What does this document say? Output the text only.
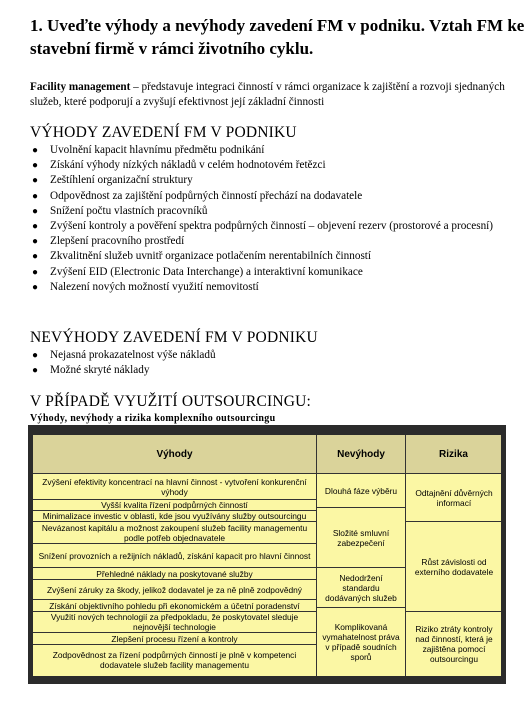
1. Uveďte výhody a nevýhody zavedení FM v podniku. Vztah FM ke stavební firmě v rámci životního cyklu.
Facility management – představuje integraci činností v rámci organizace k zajištění a rozvoji sjednaných služeb, které podporují a zvyšují efektivnost její základní činnosti
VÝHODY ZAVEDENÍ FM V PODNIKU
● Uvolnění kapacit hlavnímu předmětu podnikání
● Získání výhody nízkých nákladů v celém hodnotovém řetězci
● Zeštíhlení organizační struktury
● Odpovědnost za zajištění podpůrných činností přechází na dodavatele
● Snížení počtu vlastních pracovníků
● Zvýšení kontroly a pověření spektra podpůrných činností – objevení rezerv (prostorové a procesní)
● Zlepšení pracovního prostředí
● Zkvalitnění služeb uvnitř organizace potlačením nerentabilních činností
● Zvýšení EID (Electronic Data Interchange) a interaktivní komunikace
● Nalezení nových možností využití nemovitostí
NEVÝHODY ZAVEDENÍ FM V PODNIKU
● Nejasná prokazatelnost výše nákladů
● Možné skryté náklady
V PŘÍPADĚ VYUŽITÍ OUTSOURCINGU:
Výhody, nevýhody a rizika komplexního outsourcingu
Výhody	Nevýhody	Rizika
Zvýšení efektivity koncentrací na hlavní činnost - vytvoření konkurenční výhody
Vyšší kvalita řízení podpůrných činností
Minimalizace investic v oblasti, kde jsou využívány služby outsourcingu
Nevázanost kapitálu a možnost zakoupení služeb facility managementu podle potřeb objednavatele
Snížení provozních a režijních nákladů, získání kapacit pro hlavní činnost
Přehledné náklady na poskytované služby
Zvýšení záruky za škody, jelikož dodavatel je za ně plně zodpovědný
Získání objektivního pohledu při ekonomickém a účetní poradenství
Využití nových technologií za předpokladu, že poskytovatel sleduje nejnovější technologie
Zlepšení procesu řízení a kontroly
Zodpovědnost za řízení podpůrných činností je plně v kompetenci dodavatele služeb facility managementu
Dlouhá fáze výběru
Složité smluvní zabezpečení
Nedodržení standardu dodávaných služeb
Komplikovaná vymahatelnost práva v případě soudních sporů
Odtajnění důvěrných informací
Růst závislosti od externího dodavatele
Riziko ztráty kontroly nad činností, která je zajištěna pomocí outsourcingu
